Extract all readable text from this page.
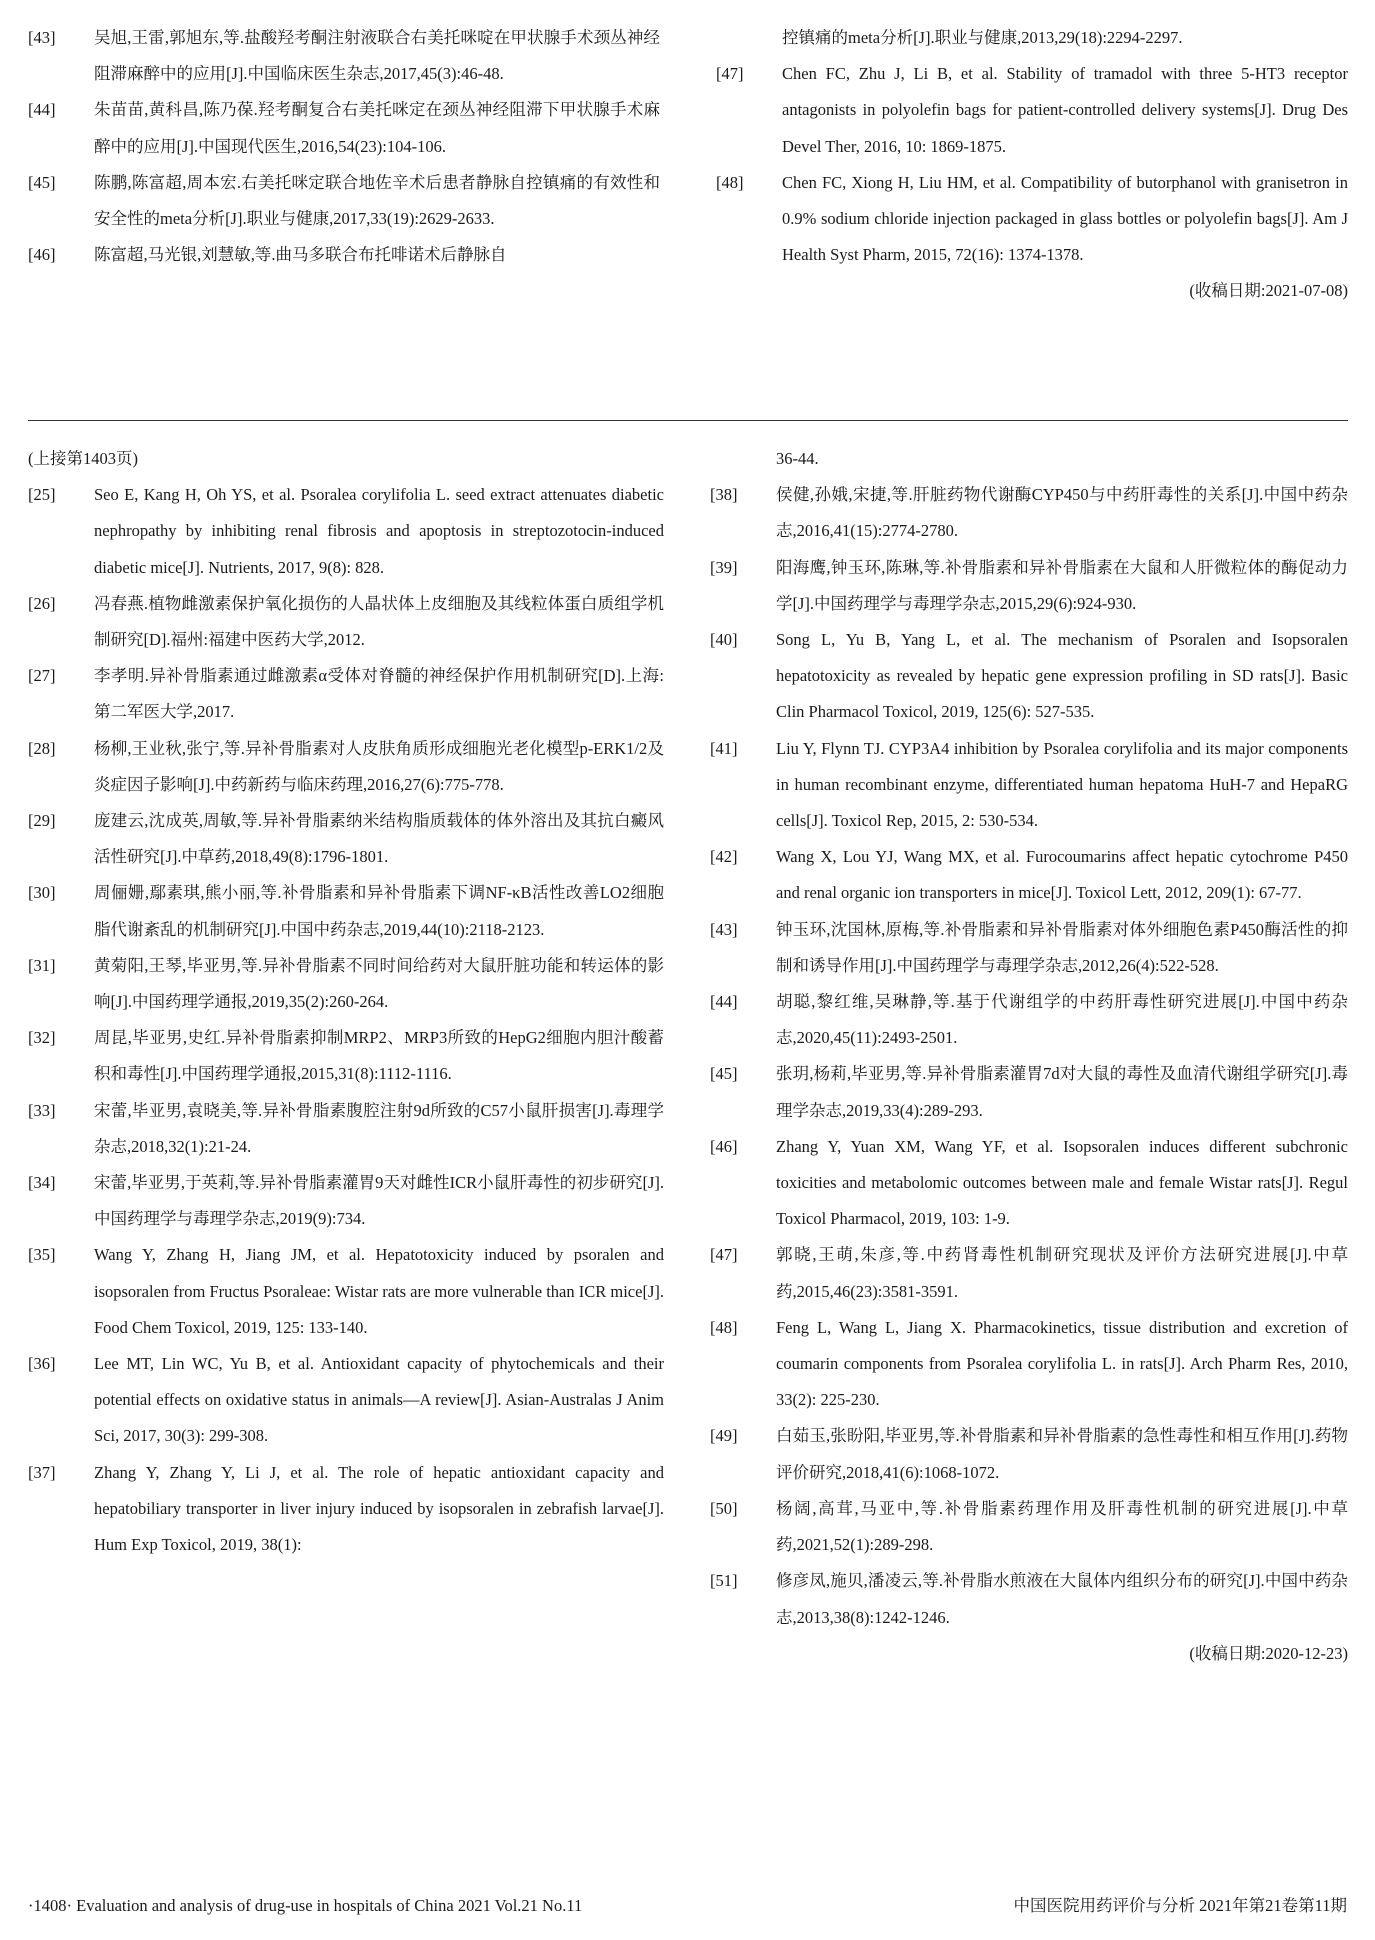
[43]	吴旭,王雷,郭旭东,等.盐酸羟考酮注射液联合右美托咪啶在甲状腺手术颈丛神经阻滞麻醉中的应用[J].中国临床医生杂志,2017,45(3):46-48.
[44]	朱苗苗,黄科昌,陈乃葆.羟考酮复合右美托咪定在颈丛神经阻滞下甲状腺手术麻醉中的应用[J].中国现代医生,2016,54(23):104-106.
[45]	陈鹏,陈富超,周本宏.右美托咪定联合地佐辛术后患者静脉自控镇痛的有效性和安全性的meta分析[J].职业与健康,2017,33(19):2629-2633.
[46]	陈富超,马光银,刘慧敏,等.曲马多联合布托啡诺术后静脉自
控镇痛的meta分析[J].职业与健康,2013,29(18):2294-2297.
[47]	Chen FC, Zhu J, Li B, et al. Stability of tramadol with three 5-HT3 receptor antagonists in polyolefin bags for patient-controlled delivery systems[J]. Drug Des Devel Ther, 2016, 10: 1869-1875.
[48]	Chen FC, Xiong H, Liu HM, et al. Compatibility of butorphanol with granisetron in 0.9% sodium chloride injection packaged in glass bottles or polyolefin bags[J]. Am J Health Syst Pharm, 2015, 72(16): 1374-1378.
(收稿日期:2021-07-08)
(上接第1403页)
[25]	Seo E, Kang H, Oh YS, et al. Psoralea corylifolia L. seed extract attenuates diabetic nephropathy by inhibiting renal fibrosis and apoptosis in streptozotocin-induced diabetic mice[J]. Nutrients, 2017, 9(8): 828.
[26]	冯春燕.植物雌激素保护氧化损伤的人晶状体上皮细胞及其线粒体蛋白质组学机制研究[D].福州:福建中医药大学,2012.
[27]	李孝明.异补骨脂素通过雌激素α受体对脊髓的神经保护作用机制研究[D].上海:第二军医大学,2017.
[28]	杨柳,王业秋,张宁,等.异补骨脂素对人皮肤角质形成细胞光老化模型p-ERK1/2及炎症因子影响[J].中药新药与临床药理,2016,27(6):775-778.
[29]	庞建云,沈成英,周敏,等.异补骨脂素纳米结构脂质载体的体外溶出及其抗白癜风活性研究[J].中草药,2018,49(8):1796-1801.
[30]	周俪姗,鄢素琪,熊小丽,等.补骨脂素和异补骨脂素下调NF-κB活性改善LO2细胞脂代谢紊乱的机制研究[J].中国中药杂志,2019,44(10):2118-2123.
[31]	黄菊阳,王琴,毕亚男,等.异补骨脂素不同时间给药对大鼠肝脏功能和转运体的影响[J].中国药理学通报,2019,35(2):260-264.
[32]	周昆,毕亚男,史红.异补骨脂素抑制MRP2、MRP3所致的HepG2细胞内胆汁酸蓄积和毒性[J].中国药理学通报,2015,31(8):1112-1116.
[33]	宋蕾,毕亚男,袁晓美,等.异补骨脂素腹腔注射9d所致的C57小鼠肝损害[J].毒理学杂志,2018,32(1):21-24.
[34]	宋蕾,毕亚男,于英莉,等.异补骨脂素灌胃9天对雌性ICR小鼠肝毒性的初步研究[J].中国药理学与毒理学杂志,2019(9):734.
[35]	Wang Y, Zhang H, Jiang JM, et al. Hepatotoxicity induced by psoralen and isopsoralen from Fructus Psoraleae: Wistar rats are more vulnerable than ICR mice[J]. Food Chem Toxicol, 2019, 125: 133-140.
[36]	Lee MT, Lin WC, Yu B, et al. Antioxidant capacity of phytochemicals and their potential effects on oxidative status in animals—A review[J]. Asian-Australas J Anim Sci, 2017, 30(3): 299-308.
[37]	Zhang Y, Zhang Y, Li J, et al. The role of hepatic antioxidant capacity and hepatobiliary transporter in liver injury induced by isopsoralen in zebrafish larvae[J]. Hum Exp Toxicol, 2019, 38(1):
36-44.
[38]	侯健,孙娥,宋捷,等.肝脏药物代谢酶CYP450与中药肝毒性的关系[J].中国中药杂志,2016,41(15):2774-2780.
[39]	阳海鹰,钟玉环,陈琳,等.补骨脂素和异补骨脂素在大鼠和人肝微粒体的酶促动力学[J].中国药理学与毒理学杂志,2015,29(6):924-930.
[40]	Song L, Yu B, Yang L, et al. The mechanism of Psoralen and Isopsoralen hepatotoxicity as revealed by hepatic gene expression profiling in SD rats[J]. Basic Clin Pharmacol Toxicol, 2019, 125(6): 527-535.
[41]	Liu Y, Flynn TJ. CYP3A4 inhibition by Psoralea corylifolia and its major components in human recombinant enzyme, differentiated human hepatoma HuH-7 and HepaRG cells[J]. Toxicol Rep, 2015, 2: 530-534.
[42]	Wang X, Lou YJ, Wang MX, et al. Furocoumarins affect hepatic cytochrome P450 and renal organic ion transporters in mice[J]. Toxicol Lett, 2012, 209(1): 67-77.
[43]	钟玉环,沈国林,原梅,等.补骨脂素和异补骨脂素对体外细胞色素P450酶活性的抑制和诱导作用[J].中国药理学与毒理学杂志,2012,26(4):522-528.
[44]	胡聪,黎红维,吴琳静,等.基于代谢组学的中药肝毒性研究进展[J].中国中药杂志,2020,45(11):2493-2501.
[45]	张玥,杨莉,毕亚男,等.异补骨脂素灌胃7d对大鼠的毒性及血清代谢组学研究[J].毒理学杂志,2019,33(4):289-293.
[46]	Zhang Y, Yuan XM, Wang YF, et al. Isopsoralen induces different subchronic toxicities and metabolomic outcomes between male and female Wistar rats[J]. Regul Toxicol Pharmacol, 2019, 103: 1-9.
[47]	郭晓,王萌,朱彦,等.中药肾毒性机制研究现状及评价方法研究进展[J].中草药,2015,46(23):3581-3591.
[48]	Feng L, Wang L, Jiang X. Pharmacokinetics, tissue distribution and excretion of coumarin components from Psoralea corylifolia L. in rats[J]. Arch Pharm Res, 2010, 33(2): 225-230.
[49]	白茹玉,张盼阳,毕亚男,等.补骨脂素和异补骨脂素的急性毒性和相互作用[J].药物评价研究,2018,41(6):1068-1072.
[50]	杨阔,高茸,马亚中,等.补骨脂素药理作用及肝毒性机制的研究进展[J].中草药,2021,52(1):289-298.
[51]	修彦凤,施贝,潘凌云,等.补骨脂水煎液在大鼠体内组织分布的研究[J].中国中药杂志,2013,38(8):1242-1246.
(收稿日期:2020-12-23)
·1408· Evaluation and analysis of drug-use in hospitals of China 2021 Vol.21 No.11	中国医院用药评价与分析 2021年第21卷第11期
